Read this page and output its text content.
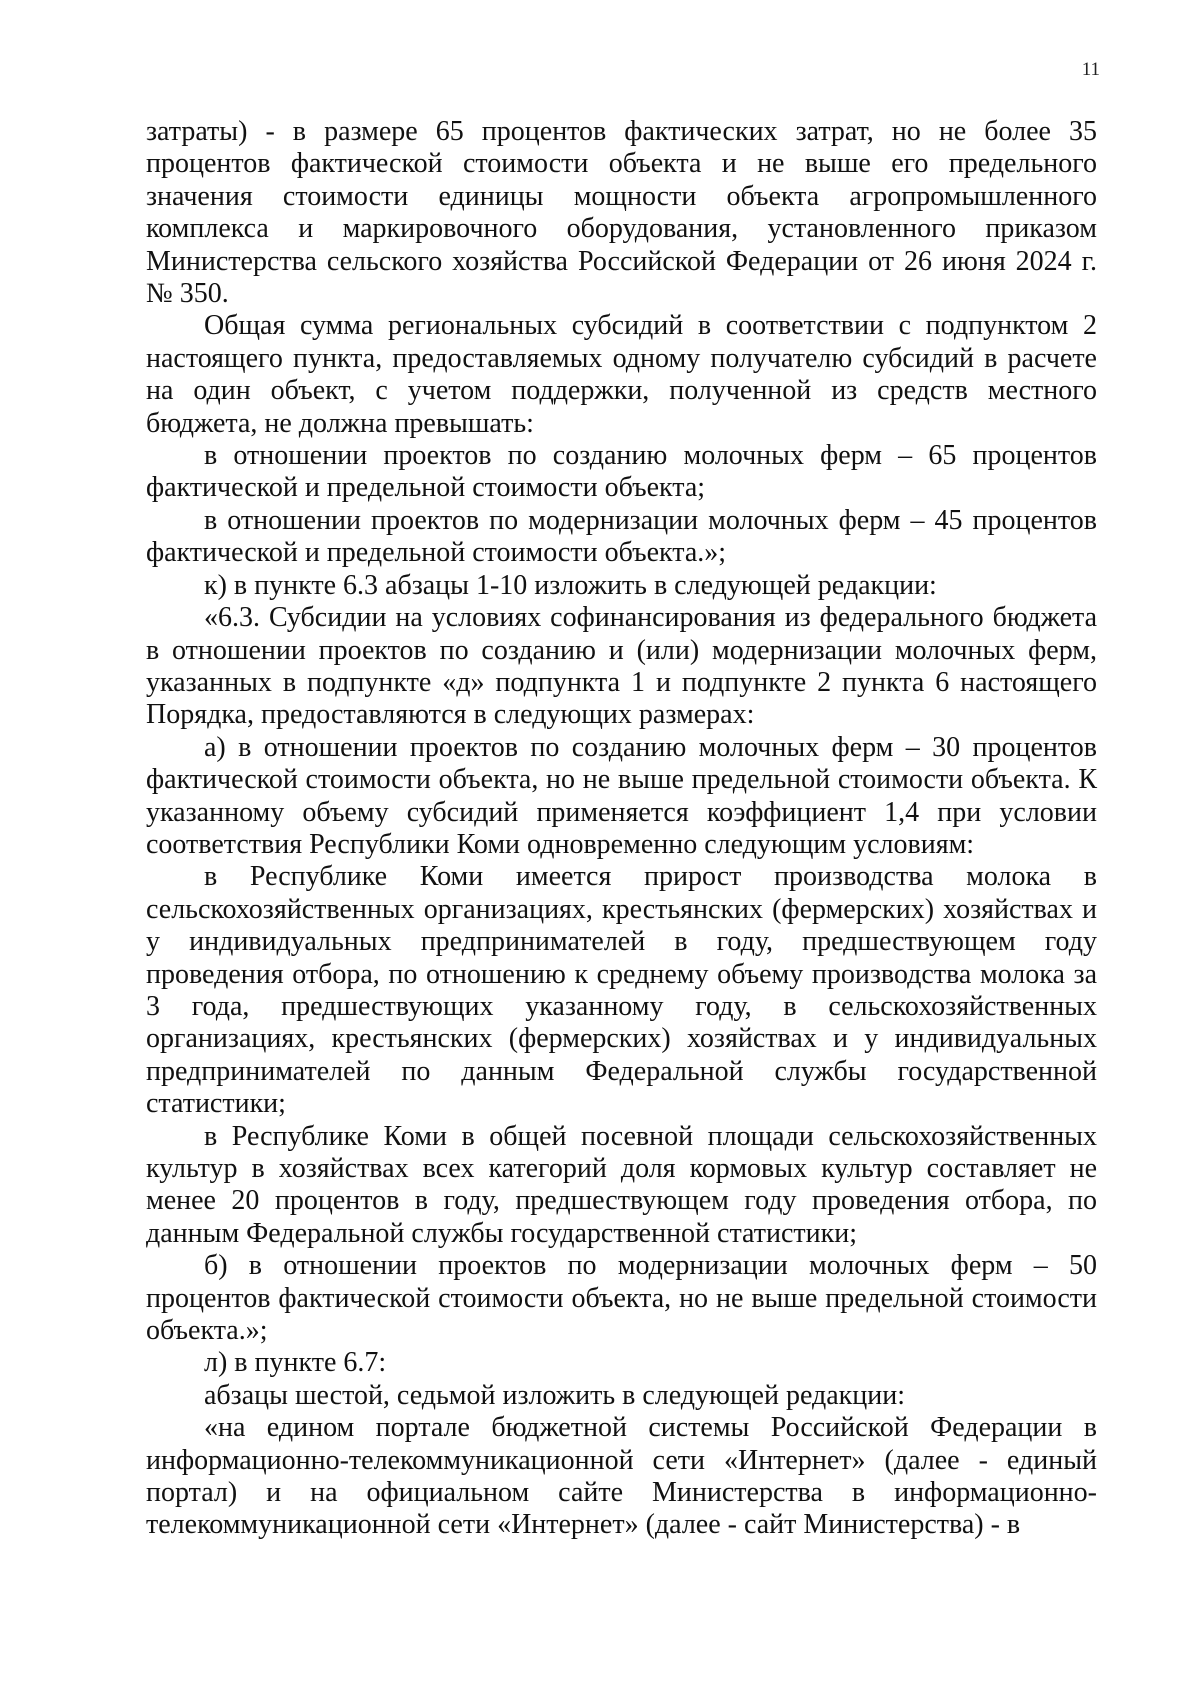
11

затраты) - в размере 65 процентов фактических затрат, но не более 35 процентов фактической стоимости объекта и не выше его предельного значения стоимости единицы мощности объекта агропромышленного комплекса и маркировочного оборудования, установленного приказом Министерства сельского хозяйства Российской Федерации от 26 июня 2024 г. № 350.

Общая сумма региональных субсидий в соответствии с подпунктом 2 настоящего пункта, предоставляемых одному получателю субсидий в расчете на один объект, с учетом поддержки, полученной из средств местного бюджета, не должна превышать:

в отношении проектов по созданию молочных ферм – 65 процентов фактической и предельной стоимости объекта;

в отношении проектов по модернизации молочных ферм – 45 процентов фактической и предельной стоимости объекта.»;

к) в пункте 6.3 абзацы 1-10 изложить в следующей редакции:

«6.3. Субсидии на условиях софинансирования из федерального бюджета в отношении проектов по созданию и (или) модернизации молочных ферм, указанных в подпункте «д» подпункта 1 и подпункте 2 пункта 6 настоящего Порядка, предоставляются в следующих размерах:

а) в отношении проектов по созданию молочных ферм – 30 процентов фактической стоимости объекта, но не выше предельной стоимости объекта. К указанному объему субсидий применяется коэффициент 1,4 при условии соответствия Республики Коми одновременно следующим условиям:

в Республике Коми имеется прирост производства молока в сельскохозяйственных организациях, крестьянских (фермерских) хозяйствах и у индивидуальных предпринимателей в году, предшествующем году проведения отбора, по отношению к среднему объему производства молока за 3 года, предшествующих указанному году, в сельскохозяйственных организациях, крестьянских (фермерских) хозяйствах и у индивидуальных предпринимателей по данным Федеральной службы государственной статистики;

в Республике Коми в общей посевной площади сельскохозяйственных культур в хозяйствах всех категорий доля кормовых культур составляет не менее 20 процентов в году, предшествующем году проведения отбора, по данным Федеральной службы государственной статистики;

б) в отношении проектов по модернизации молочных ферм – 50 процентов фактической стоимости объекта, но не выше предельной стоимости объекта.»;

л) в пункте 6.7:

абзацы шестой, седьмой изложить в следующей редакции:

«на едином портале бюджетной системы Российской Федерации в информационно-телекоммуникационной сети «Интернет» (далее - единый портал) и на официальном сайте Министерства в информационно-телекоммуникационной сети «Интернет» (далее - сайт Министерства) - в
